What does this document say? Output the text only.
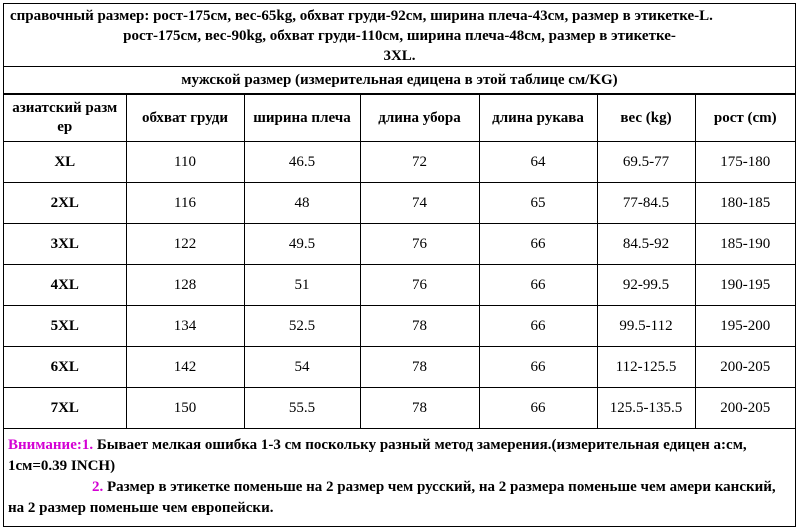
справочный размер: рост-175см, вес-65kg, обхват груди-92см, ширина плеча-43см, размер в этикетке-L.
рост-175см, вес-90kg, обхват груди-110см, ширина плеча-48см, размер в этикетке-
3XL.
мужской размер (измерительная едицена в этой таблице см/KG)
азиатский разм ер	обхват груди	ширина плеча	длина убора	длина рукава	вес (kg)	рост (cm)
XL	110	46.5	72	64	69.5-77	175-180
2XL	116	48	74	65	77-84.5	180-185
3XL	122	49.5	76	66	84.5-92	185-190
4XL	128	51	76	66	92-99.5	190-195
5XL	134	52.5	78	66	99.5-112	195-200
6XL	142	54	78	66	112-125.5	200-205
7XL	150	55.5	78	66	125.5-135.5	200-205
Внимание:1. Бывает мелкая ошибка 1-3 см поскольку разный метод замерения.(измерительная едицен а:см, 1см=0.39 INCH)
2. Размер в этикетке поменьше на 2 размер чем русский, на 2 размера поменьше чем амери канский, на 2 размер поменьше чем европейски.
